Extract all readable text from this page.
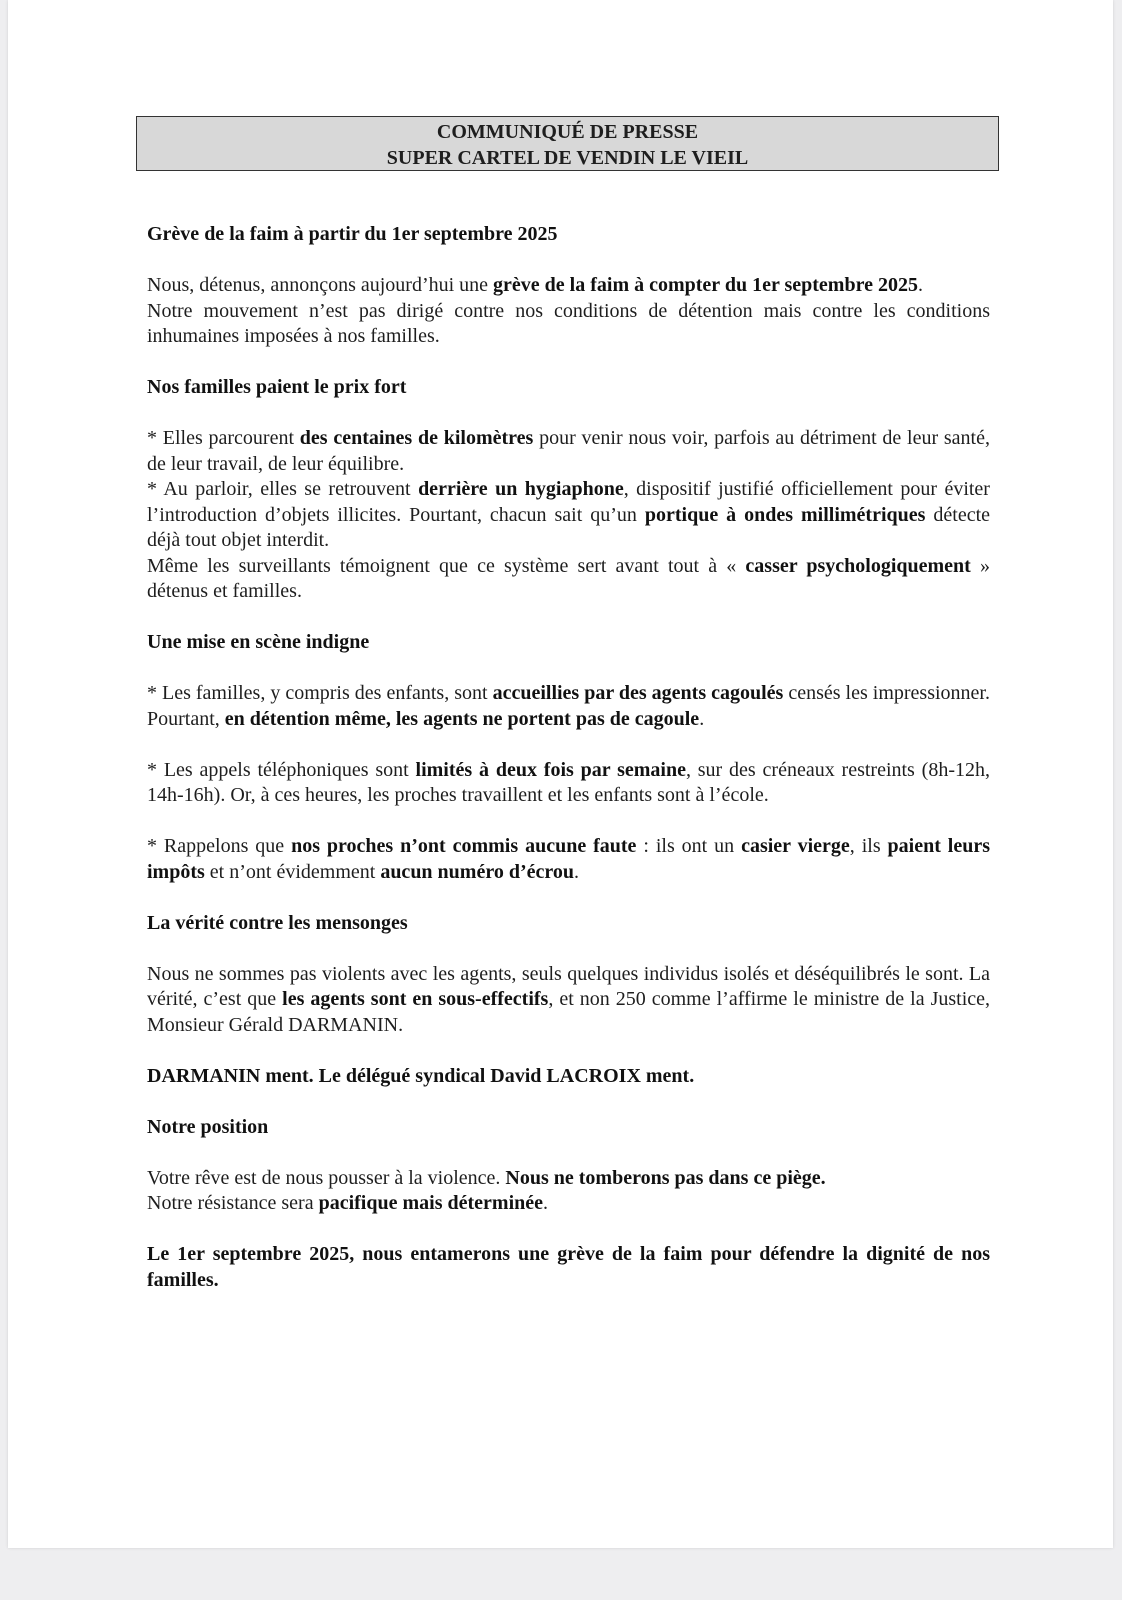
COMMUNIQUÉ DE PRESSE
SUPER CARTEL DE VENDIN LE VIEIL

Grève de la faim à partir du 1er septembre 2025

Nous, détenus, annonçons aujourd’hui une grève de la faim à compter du 1er septembre 2025.

Notre mouvement n’est pas dirigé contre nos conditions de détention mais contre les conditions inhumaines imposées à nos familles.

Nos familles paient le prix fort

* Elles parcourent des centaines de kilomètres pour venir nous voir, parfois au détriment de leur santé, de leur travail, de leur équilibre.

* Au parloir, elles se retrouvent derrière un hygiaphone, dispositif justifié officiellement pour éviter l’introduction d’objets illicites. Pourtant, chacun sait qu’un portique à ondes millimétriques détecte déjà tout objet interdit.

Même les surveillants témoignent que ce système sert avant tout à « casser psychologiquement » détenus et familles.

Une mise en scène indigne

* Les familles, y compris des enfants, sont accueillies par des agents cagoulés censés les impressionner. Pourtant, en détention même, les agents ne portent pas de cagoule.

* Les appels téléphoniques sont limités à deux fois par semaine, sur des créneaux restreints (8h-12h, 14h-16h). Or, à ces heures, les proches travaillent et les enfants sont à l’école.

* Rappelons que nos proches n’ont commis aucune faute : ils ont un casier vierge, ils paient leurs impôts et n’ont évidemment aucun numéro d’écrou.

La vérité contre les mensonges

Nous ne sommes pas violents avec les agents, seuls quelques individus isolés et déséquilibrés le sont. La vérité, c’est que les agents sont en sous-effectifs, et non 250 comme l’affirme le ministre de la Justice, Monsieur Gérald DARMANIN.

DARMANIN ment. Le délégué syndical David LACROIX ment.

Notre position

Votre rêve est de nous pousser à la violence. Nous ne tomberons pas dans ce piège.

Notre résistance sera pacifique mais déterminée.

Le 1er septembre 2025, nous entamerons une grève de la faim pour défendre la dignité de nos familles.
